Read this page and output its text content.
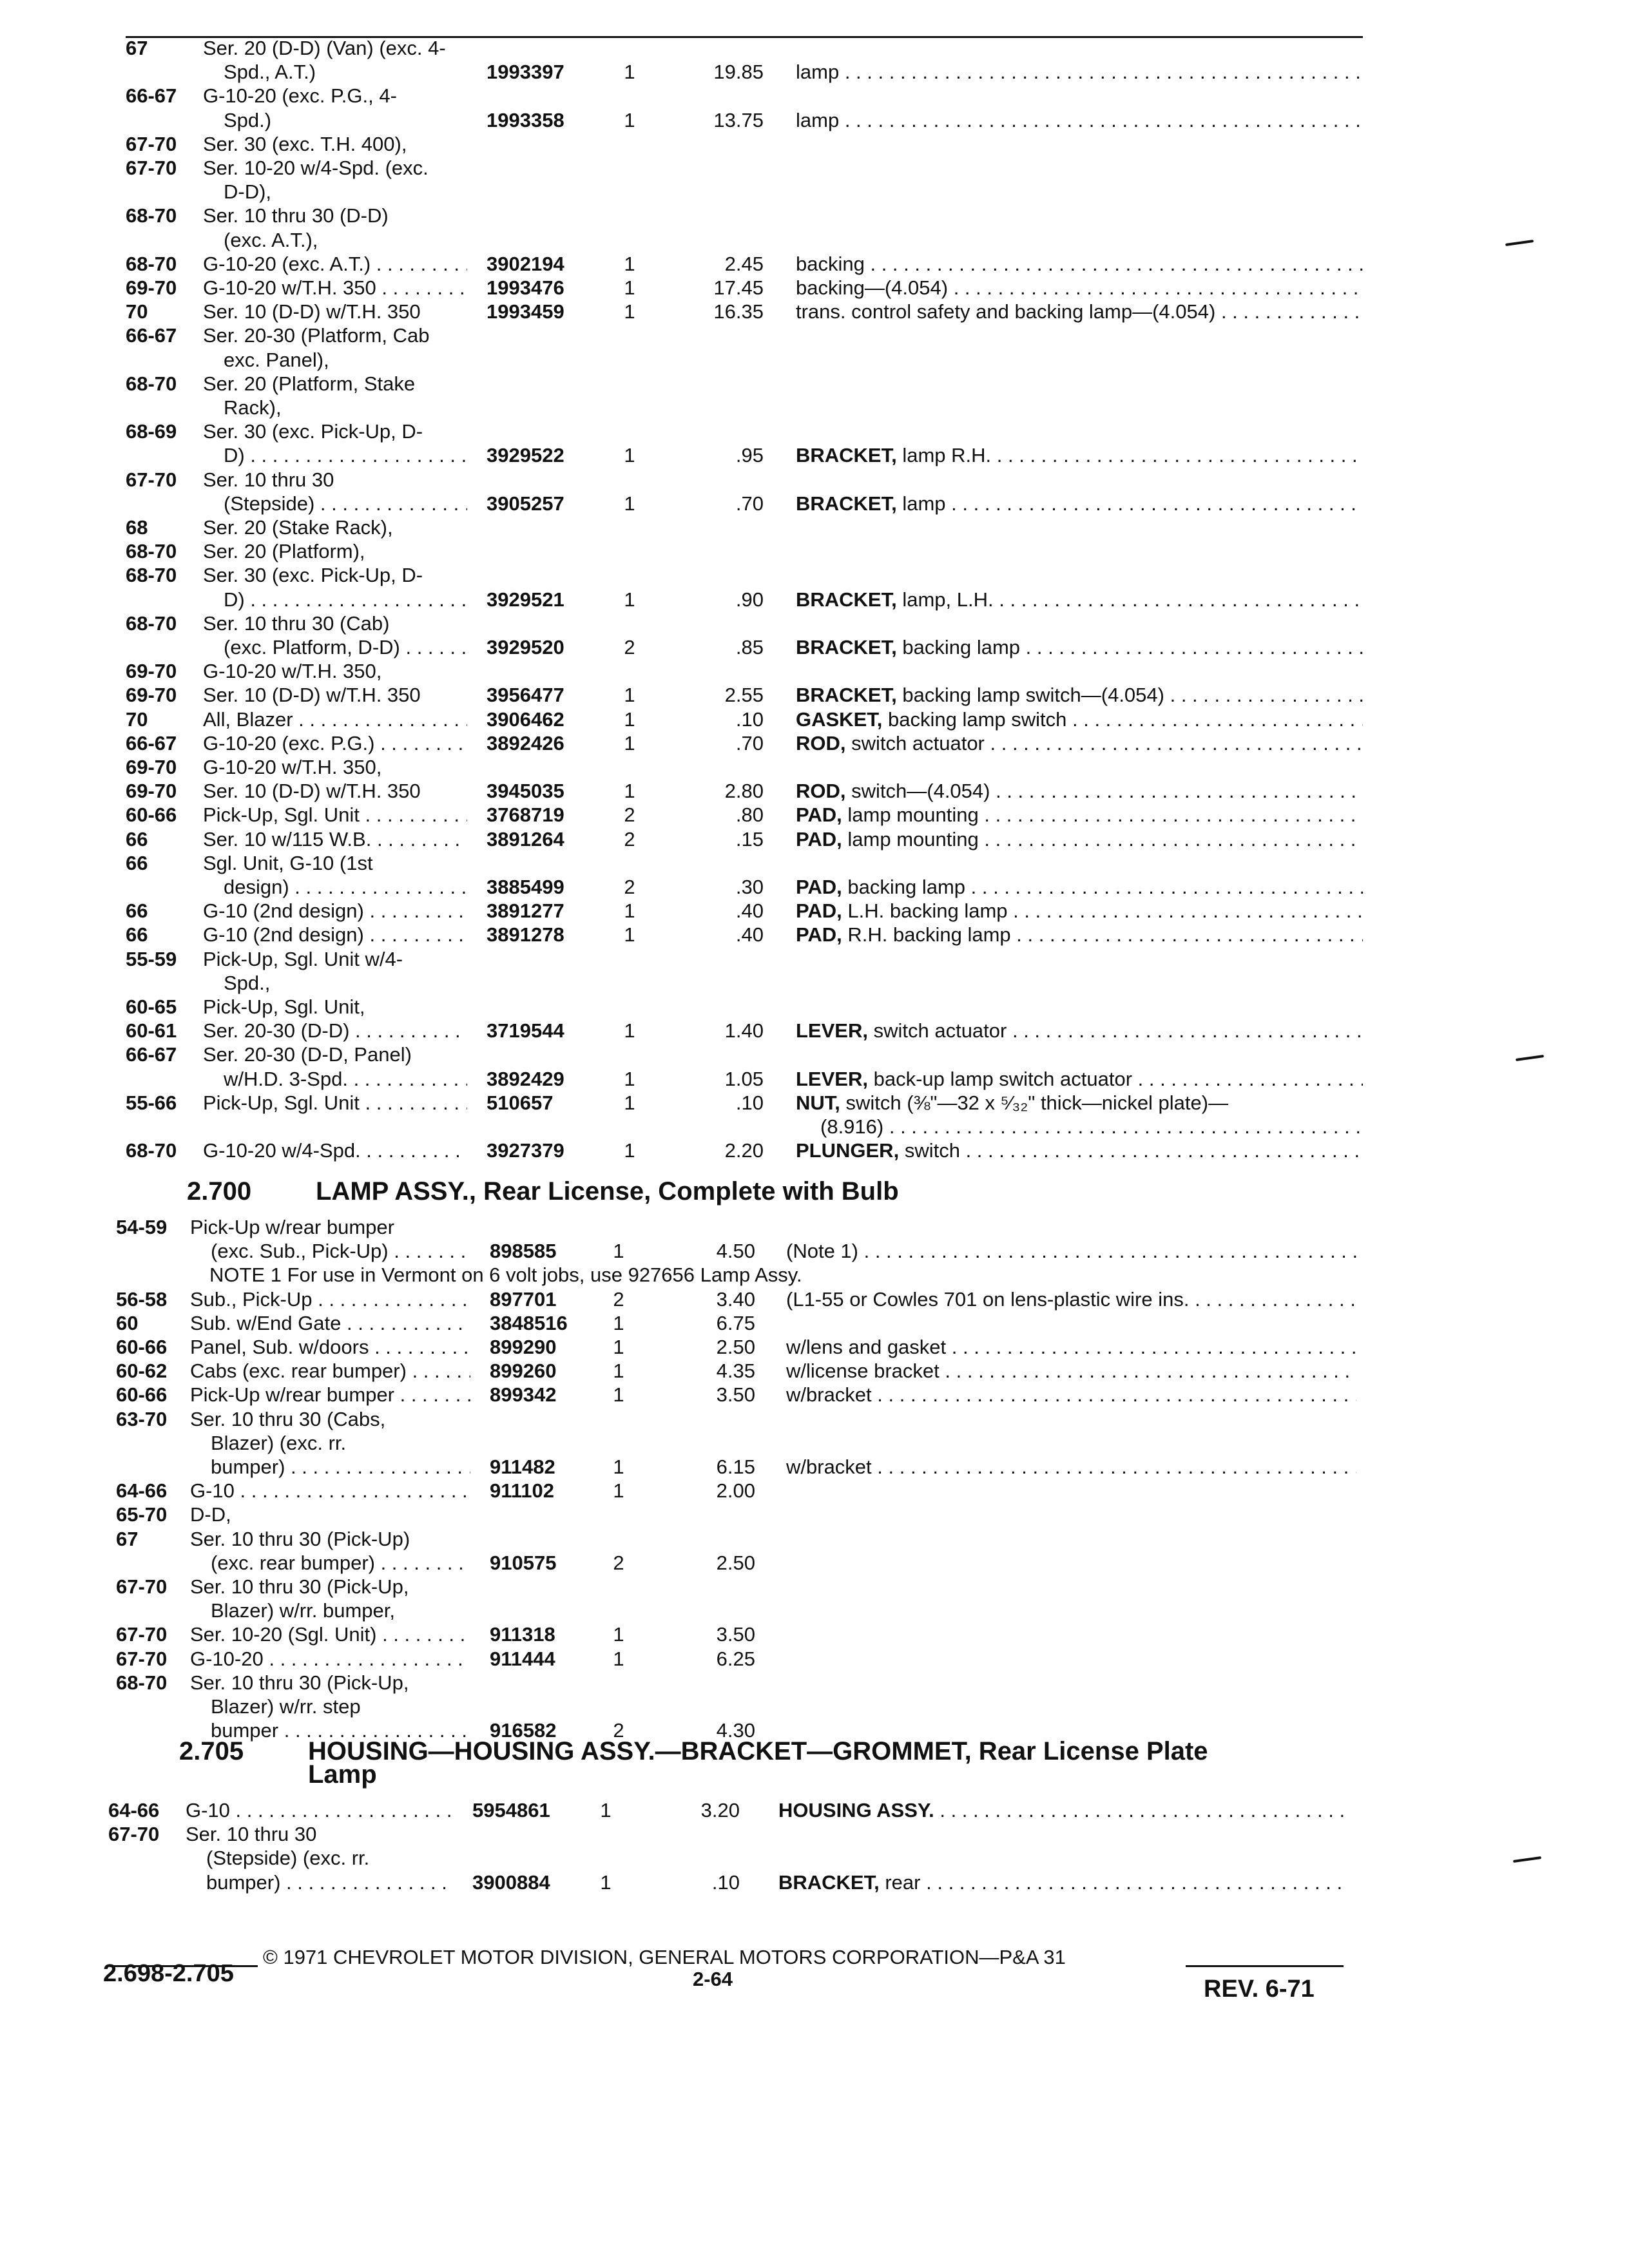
67	Ser. 20 (D-D) (Van) (exc. 4-
Spd., A.T.)	1993397	1	19.85 lamp . . .
66-67	G-10-20 (exc. P.G., 4-
Spd.)	1993358	1	13.75 lamp . . .
67-70	Ser. 30 (exc. T.H. 400),
67-70	Ser. 10-20 w/4-Spd. (exc.
D-D),
68-70	Ser. 10 thru 30 (D-D)
(exc. A.T.),
68-70	G-10-20 (exc. A.T.) . . .	3902194	1	2.45 backing . . .
69-70	G-10-20 w/T.H. 350 . . .	1993476	1	17.45 backing—(4.054) . . .
70	Ser. 10 (D-D) w/T.H. 350	1993459	1	16.35 trans. control safety and backing lamp—(4.054) . . .
66-67	Ser. 20-30 (Platform, Cab
exc. Panel),
68-70	Ser. 20 (Platform, Stake
Rack),
68-69	Ser. 30 (exc. Pick-Up, D-
D) . . .	3929522	1	.95 BRACKET, lamp R.H. . . .
67-70	Ser. 10 thru 30
(Stepside) . . .	3905257	1	.70 BRACKET, lamp . . .
68	Ser. 20 (Stake Rack),
68-70	Ser. 20 (Platform),
68-70	Ser. 30 (exc. Pick-Up, D-
D) . . .	3929521	1	.90 BRACKET, lamp, L.H. . . .
68-70	Ser. 10 thru 30 (Cab)
(exc. Platform, D-D) . . .	3929520	2	.85 BRACKET, backing lamp . . .
69-70	G-10-20 w/T.H. 350,
69-70	Ser. 10 (D-D) w/T.H. 350	3956477	1	2.55 BRACKET, backing lamp switch—(4.054) . . .
70	All, Blazer . . .	3906462	1	.10 GASKET, backing lamp switch . . .
66-67	G-10-20 (exc. P.G.) . . .	3892426	1	.70 ROD, switch actuator . . .
69-70	G-10-20 w/T.H. 350,
69-70	Ser. 10 (D-D) w/T.H. 350	3945035	1	2.80 ROD, switch—(4.054) . . .
60-66	Pick-Up, Sgl. Unit . . .	3768719	2	.80 PAD, lamp mounting . . .
66	Ser. 10 w/115 W.B. . . .	3891264	2	.15 PAD, lamp mounting . . .
66	Sgl. Unit, G-10 (1st
design) . . .	3885499	2	.30 PAD, backing lamp . . .
66	G-10 (2nd design) . . .	3891277	1	.40 PAD, L.H. backing lamp . . .
66	G-10 (2nd design) . . .	3891278	1	.40 PAD, R.H. backing lamp . . .
55-59	Pick-Up, Sgl. Unit w/4-
Spd.,
60-65	Pick-Up, Sgl. Unit,
60-61	Ser. 20-30 (D-D) . . .	3719544	1	1.40 LEVER, switch actuator . . .
66-67	Ser. 20-30 (D-D, Panel)
w/H.D. 3-Spd. . . .	3892429	1	1.05 LEVER, back-up lamp switch actuator . . .
55-66	Pick-Up, Sgl. Unit . . .	510657	1	.10 NUT, switch (⅜"—32 x ⁵⁄₃₂" thick—nickel plate)—
(8.916) . . .
68-70	G-10-20 w/4-Spd. . . .	3927379	1	2.20 PLUNGER, switch . . .
2.700 LAMP ASSY., Rear License, Complete with Bulb
54-59	Pick-Up w/rear bumper
(exc. Sub., Pick-Up) . . .	898585	1	4.50 (Note 1) . . .
NOTE 1 For use in Vermont on 6 volt jobs, use 927656 Lamp Assy.
56-58	Sub., Pick-Up . . .	897701	2	3.40 (L1-55 or Cowles 701 on lens-plastic wire ins. . . .
60	Sub. w/End Gate . . .	3848516	1	6.75
60-66	Panel, Sub. w/doors . . .	899290	1	2.50 w/lens and gasket . . .
60-62	Cabs (exc. rear bumper) . . .	899260	1	4.35 w/license bracket . . .
60-66	Pick-Up w/rear bumper . . .	899342	1	3.50 w/bracket . . .
63-70	Ser. 10 thru 30 (Cabs,
Blazer) (exc. rr.
bumper) . . .	911482	1	6.15 w/bracket . . .
64-66	G-10 . . .	911102	1	2.00
65-70	D-D,
67	Ser. 10 thru 30 (Pick-Up)
(exc. rear bumper) . . .	910575	2	2.50
67-70	Ser. 10 thru 30 (Pick-Up,
Blazer) w/rr. bumper,
67-70	Ser. 10-20 (Sgl. Unit) . . .	911318	1	3.50
67-70	G-10-20 . . .	911444	1	6.25
68-70	Ser. 10 thru 30 (Pick-Up,
Blazer) w/rr. step
bumper . . .	916582	2	4.30
2.705 HOUSING—HOUSING ASSY.—BRACKET—GROMMET, Rear License Plate
Lamp
64-66	G-10 . . .	5954861	1	3.20 HOUSING ASSY. . . .
67-70	Ser. 10 thru 30
(Stepside) (exc. rr.
bumper) . . .	3900884	1	.10 BRACKET, rear . . .
© 1971 CHEVROLET MOTOR DIVISION, GENERAL MOTORS CORPORATION—P&A 31
2.698-2.705	2-64	REV. 6-71
